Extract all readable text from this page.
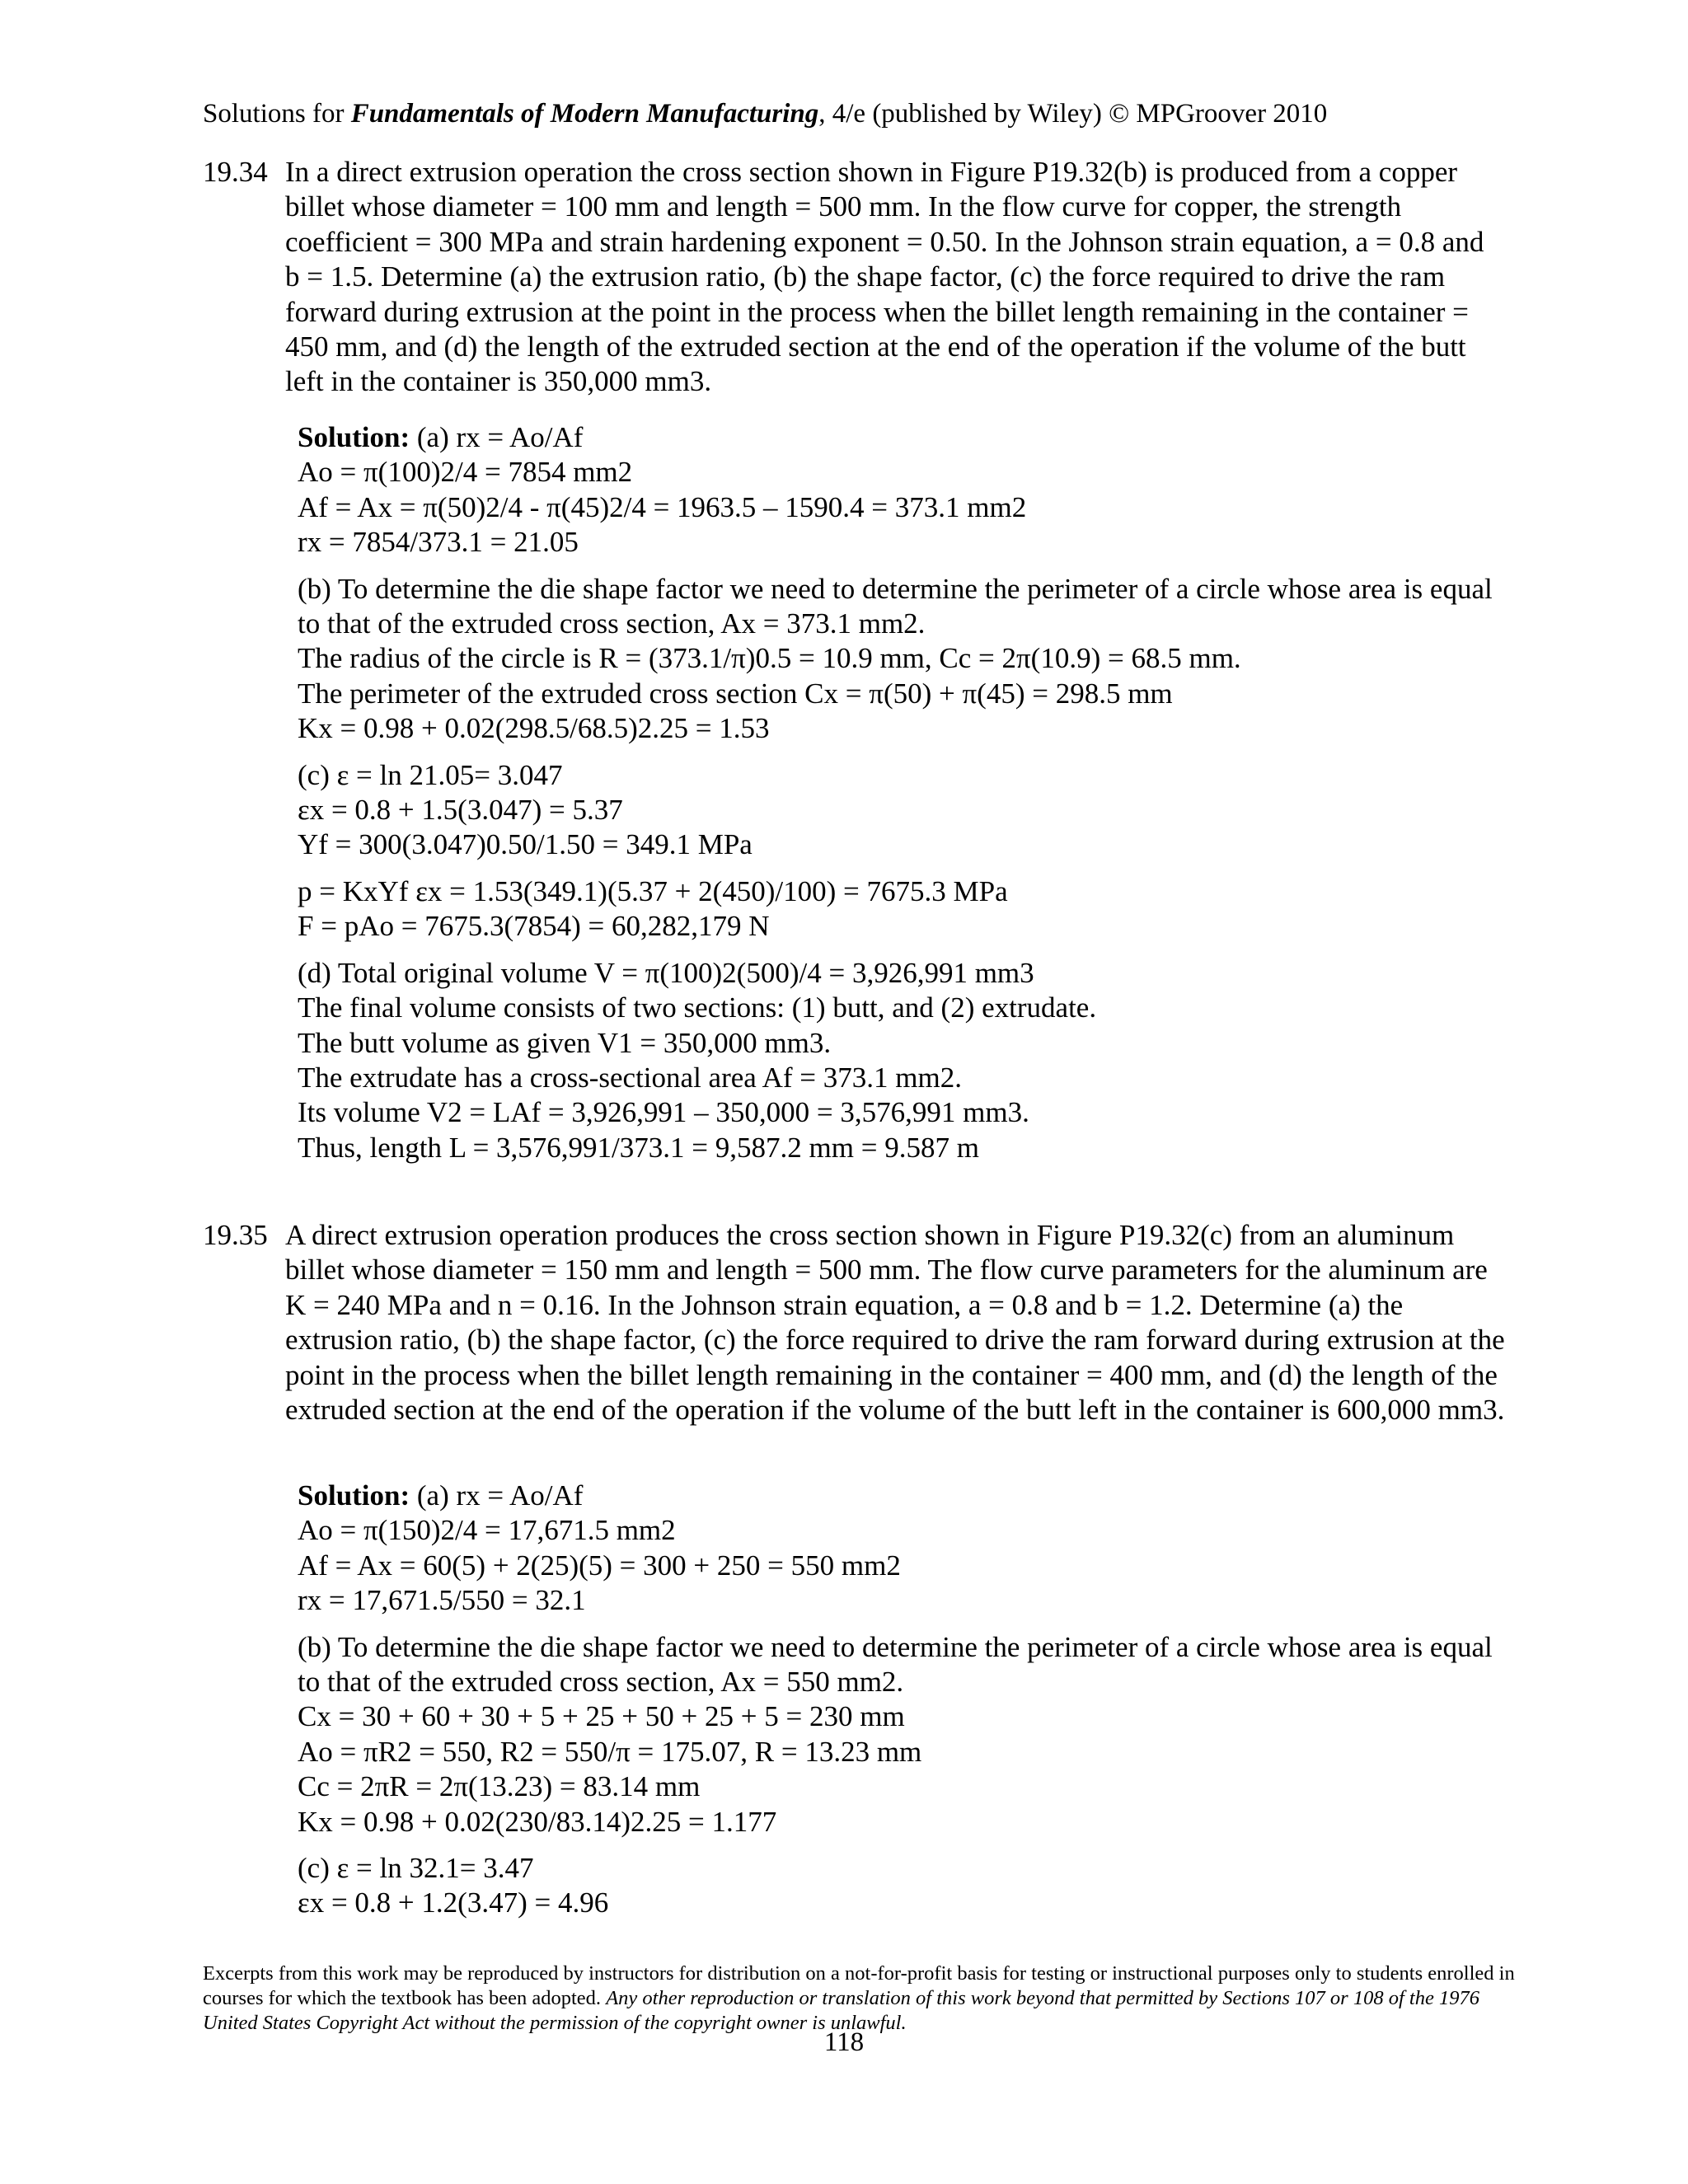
Solutions for Fundamentals of Modern Manufacturing, 4/e (published by Wiley) © MPGroover 2010
19.34 In a direct extrusion operation the cross section shown in Figure P19.32(b) is produced from a copper billet whose diameter = 100 mm and length = 500 mm. In the flow curve for copper, the strength coefficient = 300 MPa and strain hardening exponent = 0.50. In the Johnson strain equation, a = 0.8 and b = 1.5. Determine (a) the extrusion ratio, (b) the shape factor, (c) the force required to drive the ram forward during extrusion at the point in the process when the billet length remaining in the container = 450 mm, and (d) the length of the extruded section at the end of the operation if the volume of the butt left in the container is 350,000 mm3.
Solution: (a) rx = Ao/Af
Ao = π(100)2/4 = 7854 mm2
Af = Ax = π(50)2/4 - π(45)2/4 = 1963.5 – 1590.4 = 373.1 mm2
rx = 7854/373.1 = 21.05
(b) To determine the die shape factor we need to determine the perimeter of a circle whose area is equal to that of the extruded cross section, Ax = 373.1 mm2.
The radius of the circle is R = (373.1/π)0.5 = 10.9 mm, Cc = 2π(10.9) = 68.5 mm.
The perimeter of the extruded cross section Cx = π(50) + π(45) = 298.5 mm
Kx = 0.98 + 0.02(298.5/68.5)2.25 = 1.53
(c) ε = ln 21.05= 3.047
εx = 0.8 + 1.5(3.047) = 5.37
Yf = 300(3.047)0.50/1.50 = 349.1 MPa
p = KxYf εx = 1.53(349.1)(5.37 + 2(450)/100) = 7675.3 MPa
F = pAo = 7675.3(7854) = 60,282,179 N
(d) Total original volume V = π(100)2(500)/4 = 3,926,991 mm3
The final volume consists of two sections: (1) butt, and (2) extrudate.
The butt volume as given V1 = 350,000 mm3.
The extrudate has a cross-sectional area Af = 373.1 mm2.
Its volume V2 = LAf = 3,926,991 – 350,000 = 3,576,991 mm3.
Thus, length L = 3,576,991/373.1 = 9,587.2 mm = 9.587 m
19.35 A direct extrusion operation produces the cross section shown in Figure P19.32(c) from an aluminum billet whose diameter = 150 mm and length = 500 mm. The flow curve parameters for the aluminum are K = 240 MPa and n = 0.16. In the Johnson strain equation, a = 0.8 and b = 1.2. Determine (a) the extrusion ratio, (b) the shape factor, (c) the force required to drive the ram forward during extrusion at the point in the process when the billet length remaining in the container = 400 mm, and (d) the length of the extruded section at the end of the operation if the volume of the butt left in the container is 600,000 mm3.
Solution: (a) rx = Ao/Af
Ao = π(150)2/4 = 17,671.5 mm2
Af = Ax = 60(5) + 2(25)(5) = 300 + 250 = 550 mm2
rx = 17,671.5/550 = 32.1
(b) To determine the die shape factor we need to determine the perimeter of a circle whose area is equal to that of the extruded cross section, Ax = 550 mm2.
Cx = 30 + 60 + 30 + 5 + 25 + 50 + 25 + 5 = 230 mm
Ao = πR2 = 550, R2 = 550/π = 175.07, R = 13.23 mm
Cc = 2πR = 2π(13.23) = 83.14 mm
Kx = 0.98 + 0.02(230/83.14)2.25 = 1.177
(c) ε = ln 32.1= 3.47
εx = 0.8 + 1.2(3.47) = 4.96
Excerpts from this work may be reproduced by instructors for distribution on a not-for-profit basis for testing or instructional purposes only to students enrolled in courses for which the textbook has been adopted. Any other reproduction or translation of this work beyond that permitted by Sections 107 or 108 of the 1976 United States Copyright Act without the permission of the copyright owner is unlawful.
118
